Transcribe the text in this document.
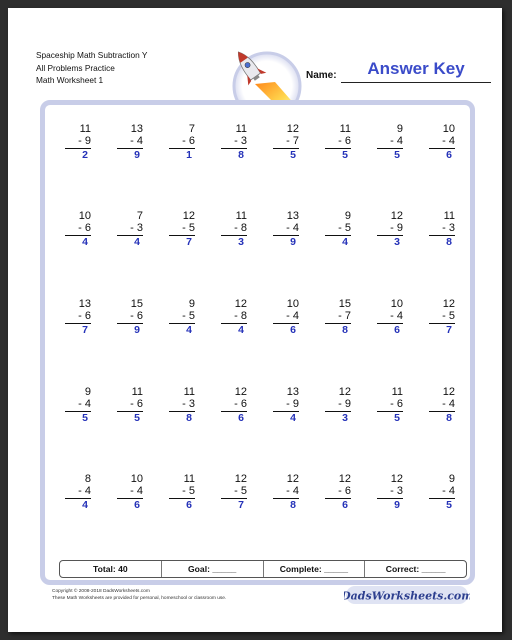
Spaceship Math Subtraction Y
All Problems Practice
Math Worksheet 1	Name:	Answer Key
11
- 9
2
13
- 4
9
7
- 6
1
11
- 3
8
12
- 7
5
11
- 6
5
9
- 4
5
10
- 4
6
10
- 6
4
7
- 3
4
12
- 5
7
11
- 8
3
13
- 4
9
9
- 5
4
12
- 9
3
11
- 3
8
13
- 6
7
15
- 6
9
9
- 5
4
12
- 8
4
10
- 4
6
15
- 7
8
10
- 4
6
12
- 5
7
9
- 4
5
11
- 6
5
11
- 3
8
12
- 6
6
13
- 9
4
12
- 9
3
11
- 6
5
12
- 4
8
8
- 4
4
10
- 4
6
11
- 5
6
12
- 5
7
12
- 4
8
12
- 6
6
12
- 3
9
9
- 4
5
Total: 40	Goal: _____	Complete: _____	Correct: _____
Copyright © 2008-2018 DadsWorksheets.com
These Math Worksheets are provided for personal, homeschool or classroom use.	DadsWorksheets.com
